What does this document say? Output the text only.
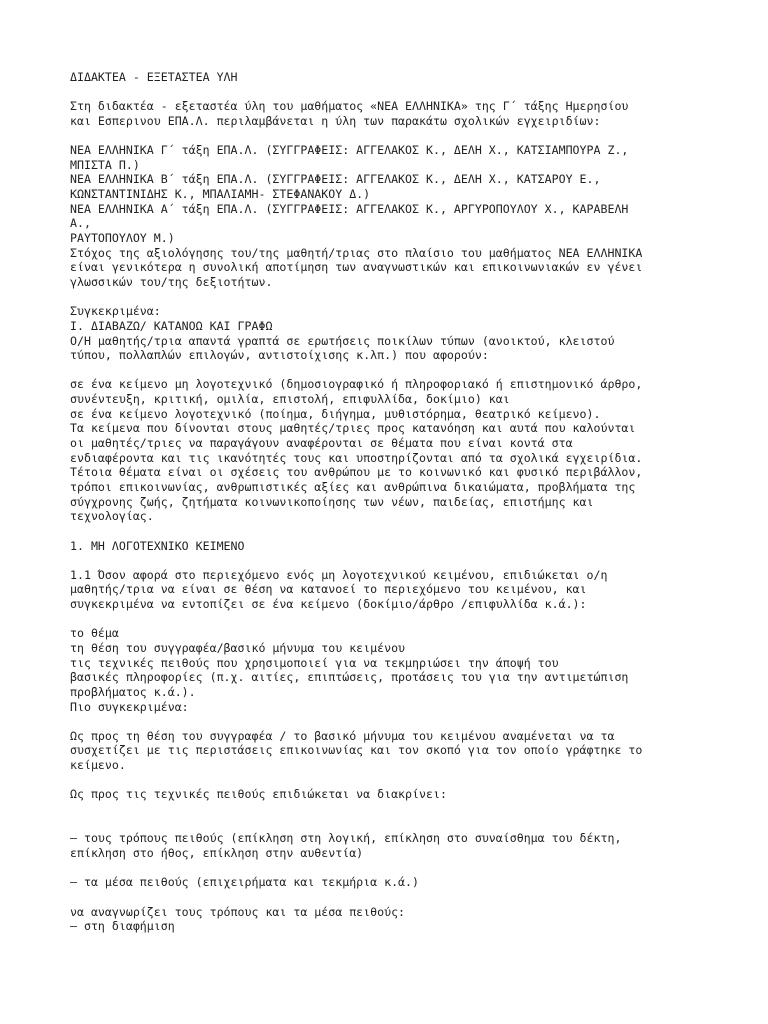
ΔΙΔΑΚΤΕΑ - ΕΞΕΤΑΣΤΕΑ ΥΛΗ
Στη διδακτέα - εξεταστέα ύλη του μαθήματος «ΝΕΑ ΕΛΛΗΝΙΚΑ» της Γ΄ τάξης Ημερησίου
και Εσπερινου ΕΠΑ.Λ. περιλαμβάνεται η ύλη των παρακάτω σχολικών εγχειριδίων:
ΝΕΑ ΕΛΛΗΝΙΚΑ Γ΄ τάξη ΕΠΑ.Λ. (ΣΥΓΓΡΑΦΕΙΣ: ΑΓΓΕΛΑΚΟΣ Κ., ΔΕΛΗ Χ., ΚΑΤΣΙΑΜΠΟΥΡΑ Ζ.,
ΜΠΙΣΤΑ Π.)
ΝΕΑ ΕΛΛΗΝΙΚΑ Β΄ τάξη ΕΠΑ.Λ. (ΣΥΓΓΡΑΦΕΙΣ: ΑΓΓΕΛΑΚΟΣ Κ., ΔΕΛΗ Χ., ΚΑΤΣΑΡΟΥ Ε.,
ΚΩΝΣΤΑΝΤΙΝΙΔΗΣ Κ., ΜΠΑΛΙΑΜΗ- ΣΤΕΦΑΝΑΚΟΥ Δ.)
ΝΕΑ ΕΛΛΗΝΙΚΑ Α΄ τάξη ΕΠΑ.Λ. (ΣΥΓΓΡΑΦΕΙΣ: ΑΓΓΕΛΑΚΟΣ Κ., ΑΡΓΥΡΟΠΟΥΛΟΥ Χ., ΚΑΡΑΒΕΛΗ
Α.,
ΡΑΥΤΟΠΟΥΛΟΥ Μ.)
Στόχος της αξιολόγησης του/της μαθητή/τριας στο πλαίσιο του μαθήματος ΝΕΑ ΕΛΛΗΝΙΚΑ
είναι γενικότερα η συνολική αποτίμηση των αναγνωστικών και επικοινωνιακών εν γένει
γλωσσικών του/της δεξιοτήτων.
Συγκεκριμένα:
Ι. ΔΙΑΒΑΖΩ/ ΚΑΤΑΝΟΩ ΚΑΙ ΓΡΑΦΩ
Ο/Η μαθητής/τρια απαντά γραπτά σε ερωτήσεις ποικίλων τύπων (ανοικτού, κλειστού
τύπου, πολλαπλών επιλογών, αντιστοίχισης κ.λπ.) που αφορούν:
σε ένα κείμενο μη λογοτεχνικό (δημοσιογραφικό ή πληροφοριακό ή επιστημονικό άρθρο,
συνέντευξη, κριτική, ομιλία, επιστολή, επιφυλλίδα, δοκίμιο) και
σε ένα κείμενο λογοτεχνικό (ποίημα, διήγημα, μυθιστόρημα, θεατρικό κείμενο).
Τα κείμενα που δίνονται στους μαθητές/τριες προς κατανόηση και αυτά που καλούνται
οι μαθητές/τριες να παραγάγουν αναφέρονται σε θέματα που είναι κοντά στα
ενδιαφέροντα και τις ικανότητές τους και υποστηρίζονται από τα σχολικά εγχειρίδια.
Τέτοια θέματα είναι οι σχέσεις του ανθρώπου με το κοινωνικό και φυσικό περιβάλλον,
τρόποι επικοινωνίας, ανθρωπιστικές αξίες και ανθρώπινα δικαιώματα, προβλήματα της
σύγχρονης ζωής, ζητήματα κοινωνικοποίησης των νέων, παιδείας, επιστήμης και
τεχνολογίας.
1. ΜΗ ΛΟΓΟΤΕΧΝΙΚΟ ΚΕΙΜΕΝΟ
1.1 Όσον αφορά στο περιεχόμενο ενός μη λογοτεχνικού κειμένου, επιδιώκεται ο/η
μαθητής/τρια να είναι σε θέση να κατανοεί το περιεχόμενο του κειμένου, και
συγκεκριμένα να εντοπίζει σε ένα κείμενο (δοκίμιο/άρθρο /επιφυλλίδα κ.ά.):
το θέμα
τη θέση του συγγραφέα/βασικό μήνυμα του κειμένου
τις τεχνικές πειθούς που χρησιμοποιεί για να τεκμηριώσει την άποψή του
βασικές πληροφορίες (π.χ. αιτίες, επιπτώσεις, προτάσεις του για την αντιμετώπιση
προβλήματος κ.ά.).
Πιο συγκεκριμένα:
Ως προς τη θέση του συγγραφέα / το βασικό μήνυμα του κειμένου αναμένεται να τα
συσχετίζει με τις περιστάσεις επικοινωνίας και τον σκοπό για τον οποίο γράφτηκε το
κείμενο.
Ως προς τις τεχνικές πειθούς επιδιώκεται να διακρίνει:
– τους τρόπους πειθούς (επίκληση στη λογική, επίκληση στο συναίσθημα του δέκτη,
επίκληση στο ήθος, επίκληση στην αυθεντία)
– τα μέσα πειθούς (επιχειρήματα και τεκμήρια κ.ά.)
να αναγνωρίζει τους τρόπους και τα μέσα πειθούς:
– στη διαφήμιση
